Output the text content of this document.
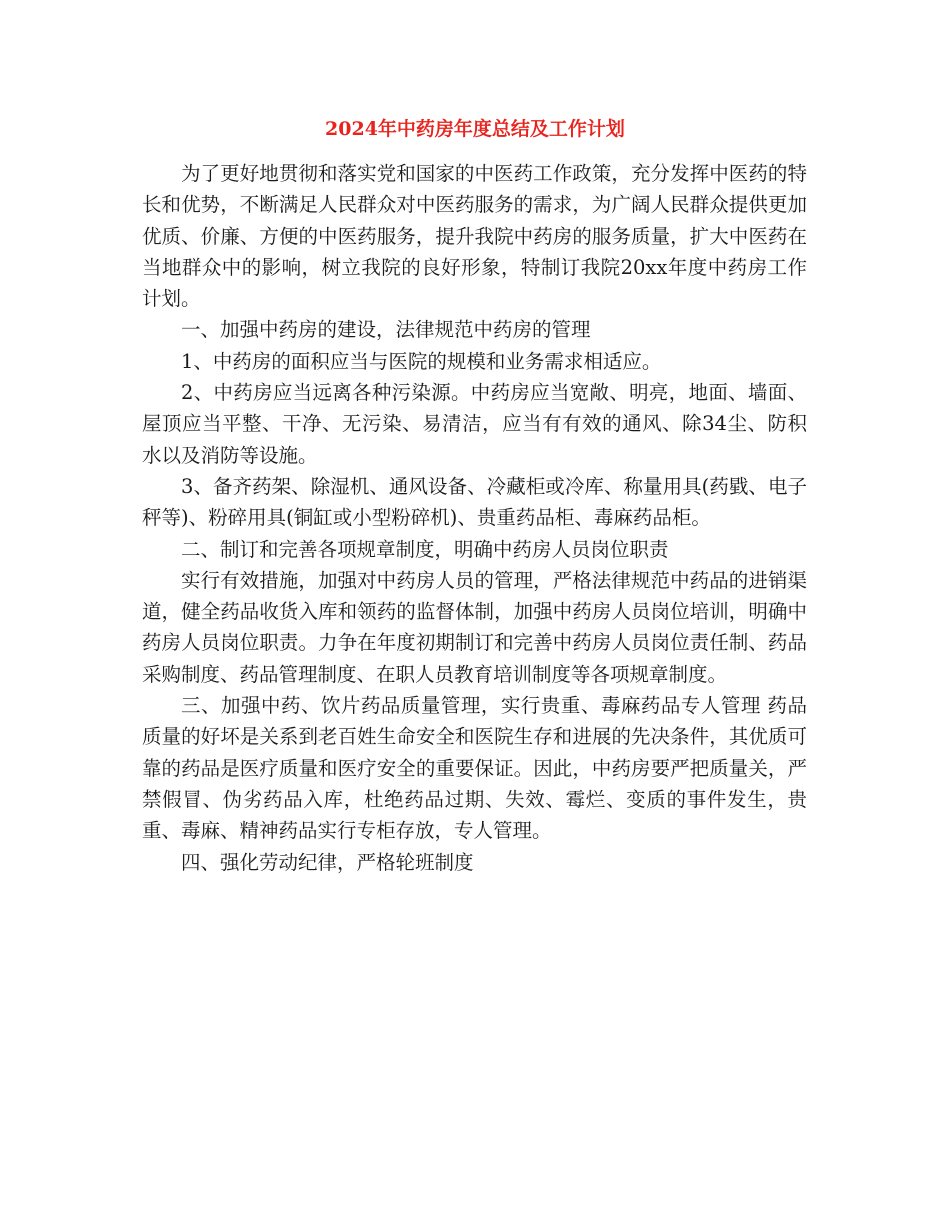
2024年中药房年度总结及工作计划

为了更好地贯彻和落实党和国家的中医药工作政策，充分发挥中医药的特长和优势，不断满足人民群众对中医药服务的需求，为广阔人民群众提供更加优质、价廉、方便的中医药服务，提升我院中药房的服务质量，扩大中医药在当地群众中的影响，树立我院的良好形象，特制订我院20xx年度中药房工作计划。

一、加强中药房的建设，法律规范中药房的管理

1、中药房的面积应当与医院的规模和业务需求相适应。

2、中药房应当远离各种污染源。中药房应当宽敞、明亮，地面、墙面、屋顶应当平整、干净、无污染、易清洁，应当有有效的通风、除34尘、防积水以及消防等设施。

3、备齐药架、除湿机、通风设备、冷藏柜或冷库、称量用具(药戥、电子秤等)、粉碎用具(铜缸或小型粉碎机)、贵重药品柜、毒麻药品柜。

二、制订和完善各项规章制度，明确中药房人员岗位职责

实行有效措施，加强对中药房人员的管理，严格法律规范中药品的进销渠道，健全药品收货入库和领药的监督体制，加强中药房人员岗位培训，明确中药房人员岗位职责。力争在年度初期制订和完善中药房人员岗位责任制、药品采购制度、药品管理制度、在职人员教育培训制度等各项规章制度。

三、加强中药、饮片药品质量管理，实行贵重、毒麻药品专人管理 药品质量的好坏是关系到老百姓生命安全和医院生存和进展的先决条件，其优质可靠的药品是医疗质量和医疗安全的重要保证。因此，中药房要严把质量关，严禁假冒、伪劣药品入库，杜绝药品过期、失效、霉烂、变质的事件发生，贵重、毒麻、精神药品实行专柜存放，专人管理。

四、强化劳动纪律，严格轮班制度
